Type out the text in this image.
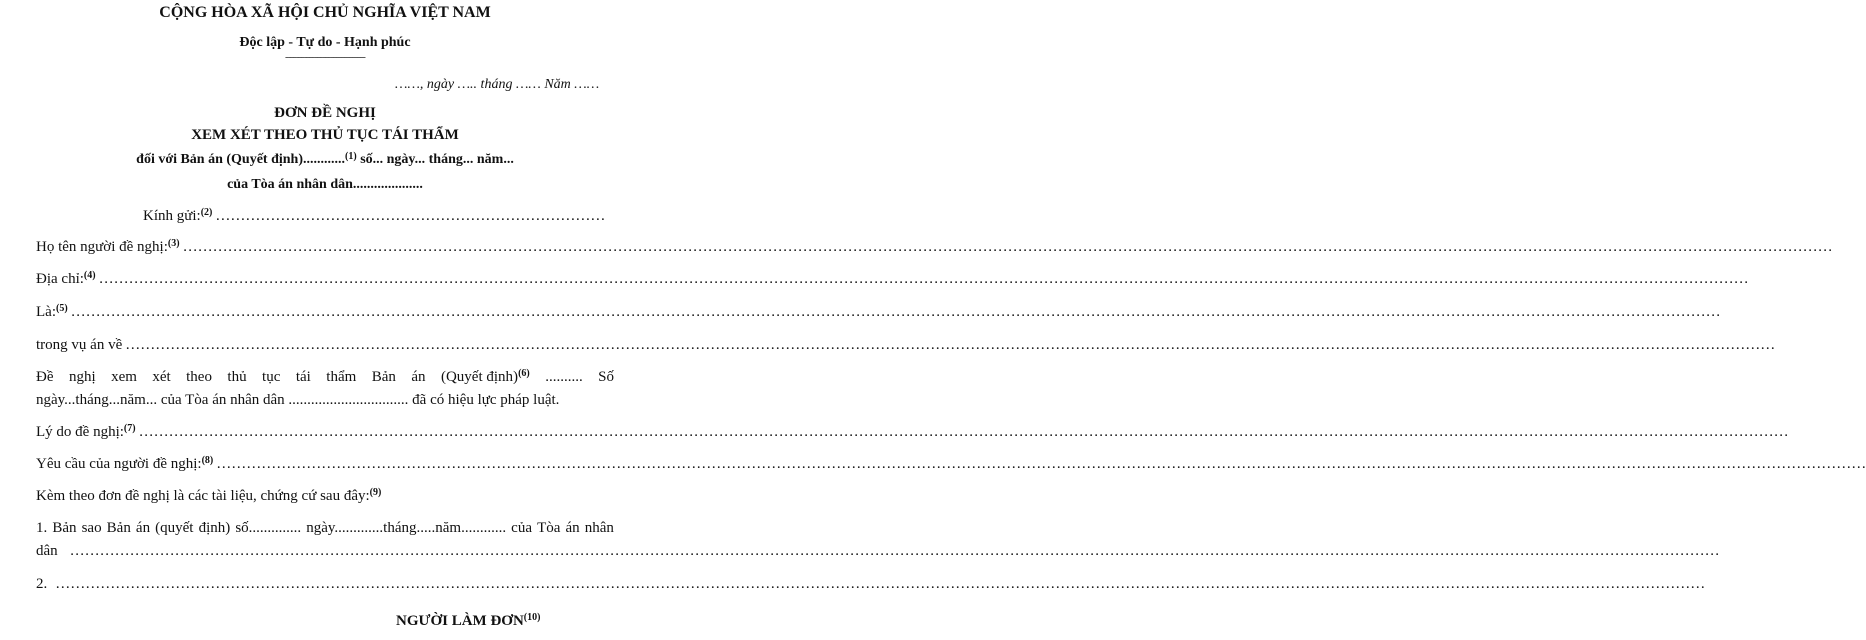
​
CỘNG HÒA XÃ HỘI CHỦ NGHĨA VIỆT NAM
Độc lập - Tự do - Hạnh phúc
------------------------------
……, ngày ….. tháng …… Năm ……
ĐƠN ĐỀ NGHỊ
XEM XÉT THEO THỦ TỤC TÁI THẨM
đối với Bản án (Quyết định)............$^{(1)}$ số... ngày... tháng... năm...
của Tòa án nhân dân....................
Kính gửi:$^{(2)}$ ……………………………………………………………………
Họ tên người đề nghị:$^{(3)}$ ……………………………………………………………………………………………………………………………………………………………………………………………………………………………………………………………………………………………………
Địa chỉ:$^{(4)}$ ……………………………………………………………………………………………………………………………………………………………………………………………………………………………………………………………………………………………………
Là:$^{(5)}$ ……………………………………………………………………………………………………………………………………………………………………………………………………………………………………………………………………………………………………
trong vụ án về ……………………………………………………………………………………………………………………………………………………………………………………………………………………………………………………………………………………………………
Đề nghị xem xét theo thủ tục tái thẩm Bản án (Quyết định)$^{(6)}$ .......... Số
ngày...tháng...năm... của Tòa án nhân dân ................................ đã có hiệu lực pháp luật.
Lý do đề nghị:$^{(7)}$ ……………………………………………………………………………………………………………………………………………………………………………………………………………………………………………………………………………………………………
Yêu cầu của người đề nghị:$^{(8)}$ ……………………………………………………………………………………………………………………………………………………………………………………………………………………………………………………………………………………………………
Kèm theo đơn đề nghị là các tài liệu, chứng cứ sau đây:$^{(9)}$
1. Bản sao Bản án (quyết định) số.............. ngày.............tháng.....năm............ của Tòa án nhân
dân ……………………………………………………………………………………………………………………………………………………………………………………………………………………………………………………………………………………………………
2. ……………………………………………………………………………………………………………………………………………………………………………………………………………………………………………………………………………………………………
NGƯỜI LÀM ĐƠN$^{(10)}$
